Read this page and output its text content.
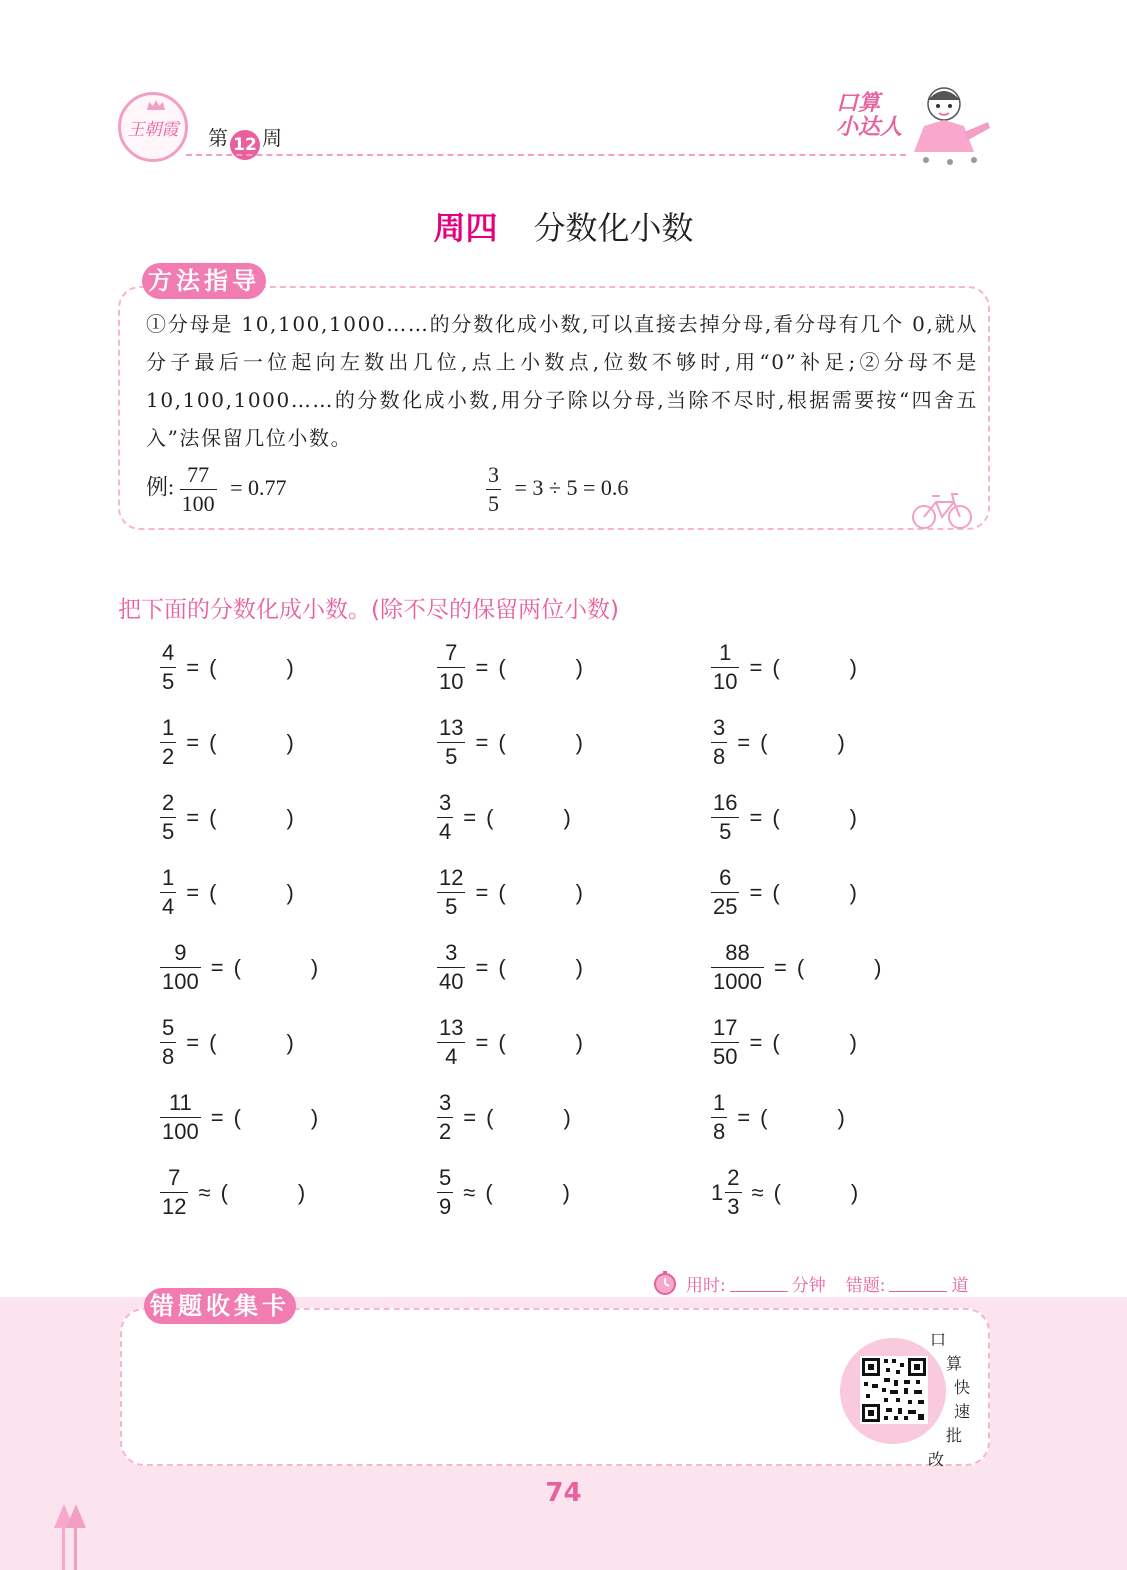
王朝霞	第 12 周
口算
小达人
周四 分数化小数
方法指导
①分母是 10,100,1000……的分数化成小数,可以直接去掉分母,看分母有几个 0,就从分子最后一位起向左数出几位,点上小数点,位数不够时,用“0”补足;②分母不是 10,100,1000……的分数化成小数,用分子除以分母,当除不尽时,根据需要按“四舍五入”法保留几位小数。
例: $\frac{77}{100} = 0.77$	$\frac{3}{5} = 3 \div 5 = 0.6$
把下面的分数化成小数。(除不尽的保留两位小数)
$\frac{4}{5}$ = (	)	$\frac{7}{10}$ = (	)	$\frac{1}{10}$ = (	)
$\frac{1}{2}$ = (	)	$\frac{13}{5}$ = (	)	$\frac{3}{8}$ = (	)
$\frac{2}{5}$ = (	)	$\frac{3}{4}$ = (	)	$\frac{16}{5}$ = (	)
$\frac{1}{4}$ = (	)	$\frac{12}{5}$ = (	)	$\frac{6}{25}$ = (	)
$\frac{9}{100}$ = (	)	$\frac{3}{40}$ = (	)	$\frac{88}{1000}$ = (	)
$\frac{5}{8}$ = (	)	$\frac{13}{4}$ = (	)	$\frac{17}{50}$ = (	)
$\frac{11}{100}$ = (	)	$\frac{3}{2}$ = (	)	$\frac{1}{8}$ = (	)
$\frac{7}{12}$ ≈ (	)	$\frac{5}{9}$ ≈ (	)	$1 \frac{2}{3}$ ≈ (	)
用时:	分钟 错题:	道
错题收集卡
口
算
快
速
批
改
74
